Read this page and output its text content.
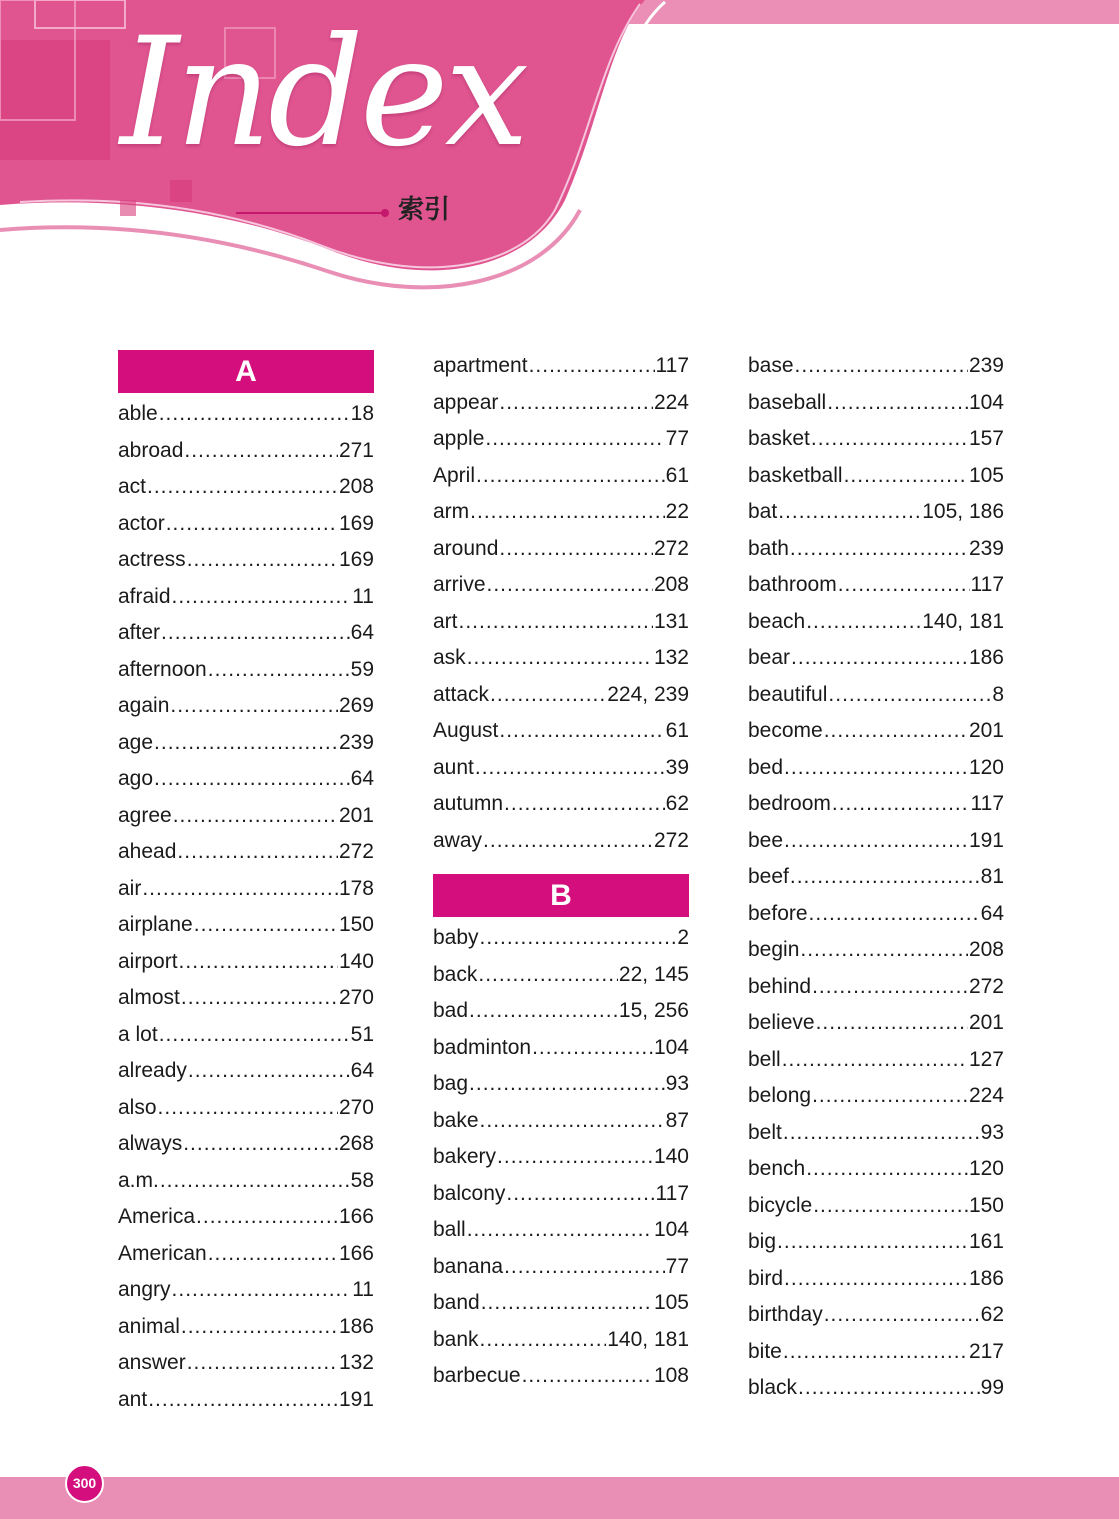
Index
索引
A
able .....	18
abroad .....	271
act .....	208
actor .....	169
actress .....	169
afraid .....	11
after .....	64
afternoon .....	59
again .....	269
age .....	239
ago .....	64
agree .....	201
ahead .....	272
air .....	178
airplane .....	150
airport .....	140
almost .....	270
a lot .....	51
already .....	64
also .....	270
always .....	268
a.m. .....	58
America .....	166
American .....	166
angry .....	11
animal .....	186
answer .....	132
ant .....	191
apartment .....	117
appear .....	224
apple .....	77
April .....	61
arm .....	22
around .....	272
arrive .....	208
art .....	131
ask .....	132
attack .....	224, 239
August .....	61
aunt .....	39
autumn .....	62
away .....	272
B
baby .....	2
back .....	22, 145
bad .....	15, 256
badminton .....	104
bag .....	93
bake .....	87
bakery .....	140
balcony .....	117
ball .....	104
banana .....	77
band .....	105
bank .....	140, 181
barbecue .....	108
base .....	239
baseball .....	104
basket .....	157
basketball .....	105
bat .....	105, 186
bath .....	239
bathroom .....	117
beach .....	140, 181
bear .....	186
beautiful .....	8
become .....	201
bed .....	120
bedroom .....	117
bee .....	191
beef .....	81
before .....	64
begin .....	208
behind .....	272
believe .....	201
bell .....	127
belong .....	224
belt .....	93
bench .....	120
bicycle .....	150
big .....	161
bird .....	186
birthday .....	62
bite .....	217
black .....	99
300
